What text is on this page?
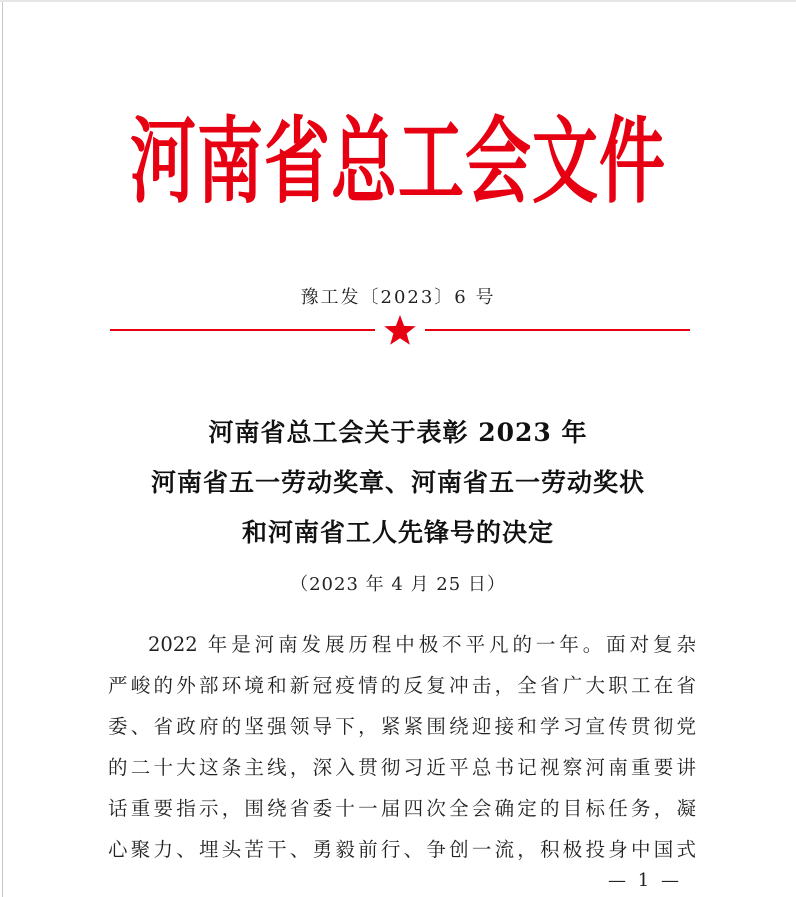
河南省总工会文件
豫工发〔2023〕6 号
河南省总工会关于表彰 2023 年
河南省五一劳动奖章、河南省五一劳动奖状
和河南省工人先锋号的决定
（2023 年 4 月 25 日）
2022 年是河南发展历程中极不平凡的一年。面对复杂
严峻的外部环境和新冠疫情的反复冲击，全省广大职工在省
委、省政府的坚强领导下，紧紧围绕迎接和学习宣传贯彻党
的二十大这条主线，深入贯彻习近平总书记视察河南重要讲
话重要指示，围绕省委十一届四次全会确定的目标任务，凝
心聚力、埋头苦干、勇毅前行、争创一流，积极投身中国式
— 1 —
